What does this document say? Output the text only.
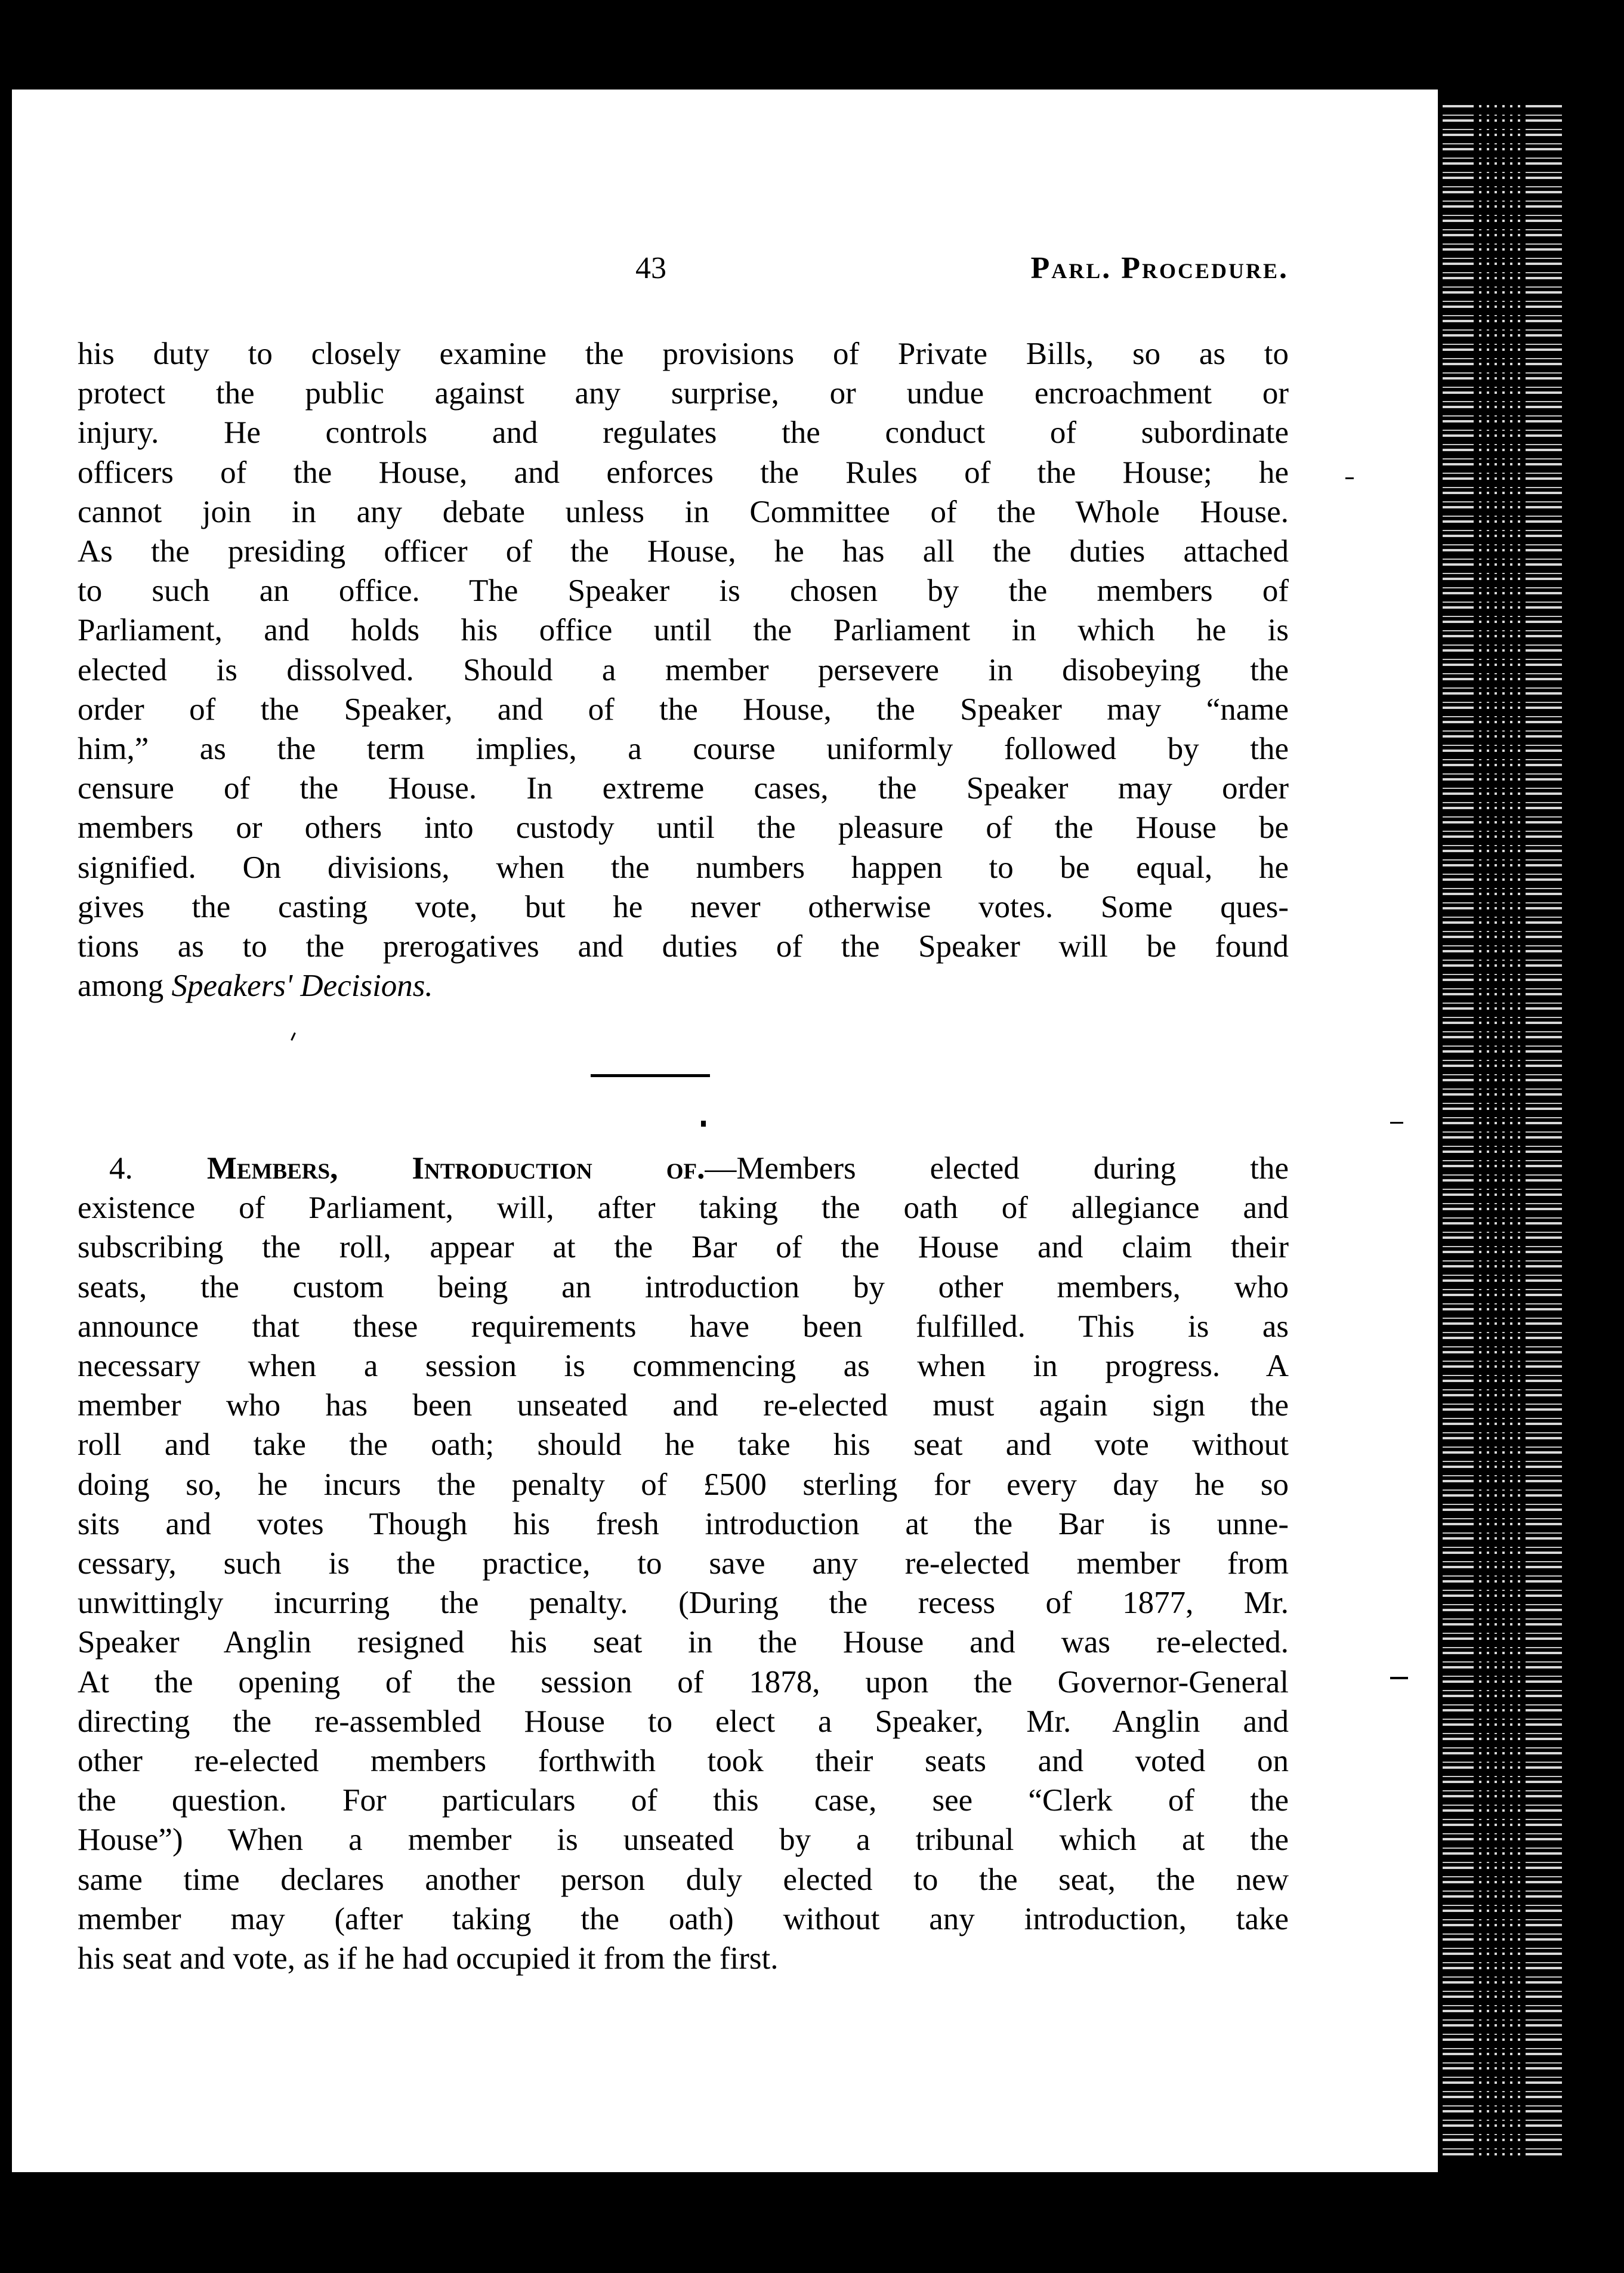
43	Parl. Procedure.
his duty to closely examine the provisions of Private Bills, so as to
protect the public against any surprise, or undue encroachment or
injury. He controls and regulates the conduct of subordinate
officers of the House, and enforces the Rules of the House; he
cannot join in any debate unless in Committee of the Whole House.
As the presiding officer of the House, he has all the duties attached
to such an office. The Speaker is chosen by the members of
Parliament, and holds his office until the Parliament in which he is
elected is dissolved. Should a member persevere in disobeying the
order of the Speaker, and of the House, the Speaker may “name
him,” as the term implies, a course uniformly followed by the
censure of the House. In extreme cases, the Speaker may order
members or others into custody until the pleasure of the House be
signified. On divisions, when the numbers happen to be equal, he
gives the casting vote, but he never otherwise votes. Some ques-
tions as to the prerogatives and duties of the Speaker will be found
among Speakers' Decisions.
 4. Members, Introduction of.—Members elected during the
existence of Parliament, will, after taking the oath of allegiance and
subscribing the roll, appear at the Bar of the House and claim their
seats, the custom being an introduction by other members, who
announce that these requirements have been fulfilled. This is as
necessary when a session is commencing as when in progress. A
member who has been unseated and re-elected must again sign the
roll and take the oath; should he take his seat and vote without
doing so, he incurs the penalty of £500 sterling for every day he so
sits and votes Though his fresh introduction at the Bar is unne-
cessary, such is the practice, to save any re-elected member from
unwittingly incurring the penalty. (During the recess of 1877, Mr.
Speaker Anglin resigned his seat in the House and was re-elected.
At the opening of the session of 1878, upon the Governor-General
directing the re-assembled House to elect a Speaker, Mr. Anglin and
other re-elected members forthwith took their seats and voted on
the question. For particulars of this case, see “Clerk of the
House”) When a member is unseated by a tribunal which at the
same time declares another person duly elected to the seat, the new
member may (after taking the oath) without any introduction, take
his seat and vote, as if he had occupied it from the first.
